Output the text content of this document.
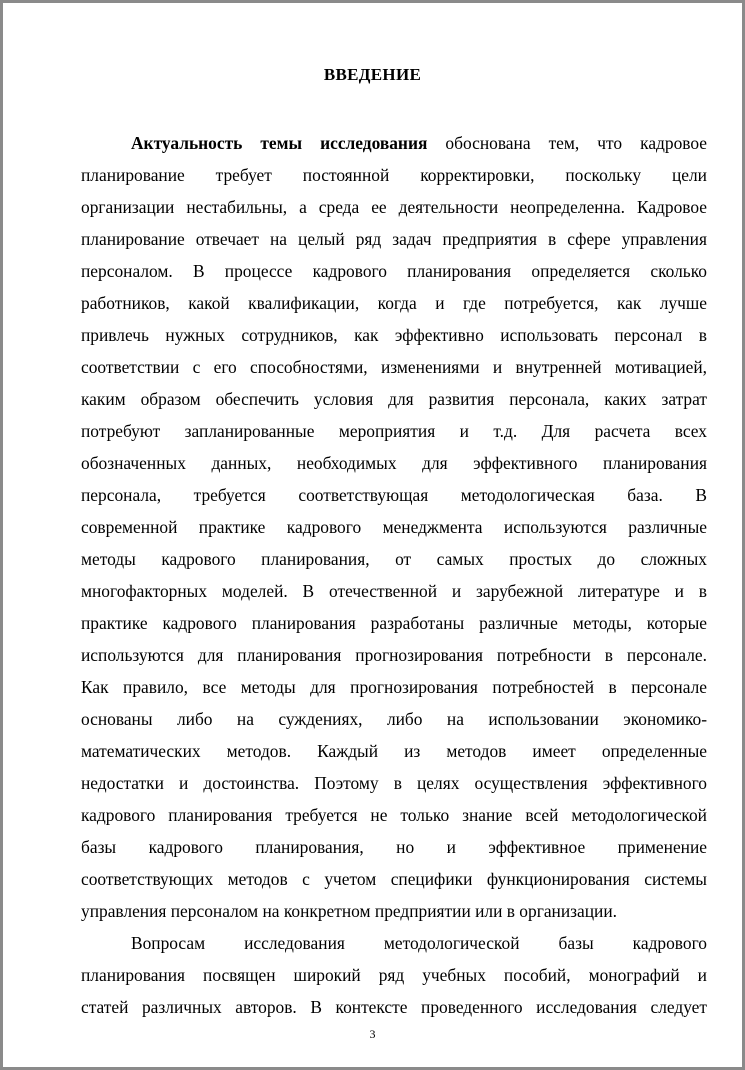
ВВЕДЕНИЕ
Актуальность темы исследования обоснована тем, что кадровое
планирование требует постоянной корректировки, поскольку цели
организации нестабильны, а среда ее деятельности неопределенна. Кадровое
планирование отвечает на целый ряд задач предприятия в сфере управления
персоналом. В процессе кадрового планирования определяется сколько
работников, какой квалификации, когда и где потребуется, как лучше
привлечь нужных сотрудников, как эффективно использовать персонал в
соответствии с его способностями, изменениями и внутренней мотивацией,
каким образом обеспечить условия для развития персонала, каких затрат
потребуют запланированные мероприятия и т.д. Для расчета всех
обозначенных данных, необходимых для эффективного планирования
персонала, требуется соответствующая методологическая база. В
современной практике кадрового менеджмента используются различные
методы кадрового планирования, от самых простых до сложных
многофакторных моделей. В отечественной и зарубежной литературе и в
практике кадрового планирования разработаны различные методы, которые
используются для планирования прогнозирования потребности в персонале.
Как правило, все методы для прогнозирования потребностей в персонале
основаны либо на суждениях, либо на использовании экономико-
математических методов. Каждый из методов имеет определенные
недостатки и достоинства. Поэтому в целях осуществления эффективного
кадрового планирования требуется не только знание всей методологической
базы кадрового планирования, но и эффективное применение
соответствующих методов с учетом специфики функционирования системы
управления персоналом на конкретном предприятии или в организации.
Вопросам исследования методологической базы кадрового
планирования посвящен широкий ряд учебных пособий, монографий и
статей различных авторов. В контексте проведенного исследования следует
3
